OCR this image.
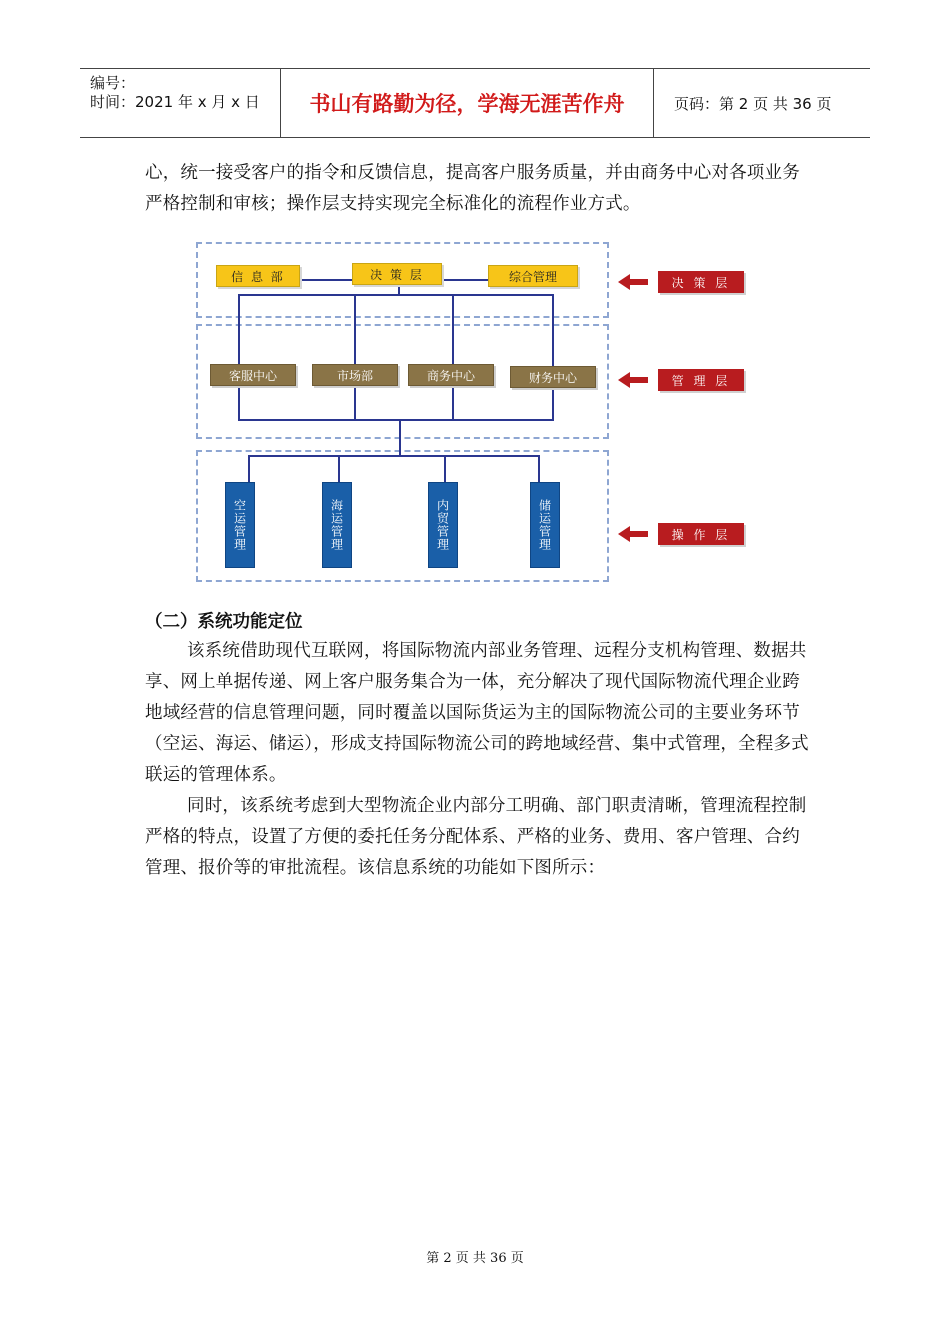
编号：
时间：2021 年 x 月 x 日	书山有路勤为径，学海无涯苦作舟	页码：第 2 页 共 36 页
心，统一接受客户的指令和反馈信息，提高客户服务质量，并由商务中心对各项业务严格控制和审核；操作层支持实现完全标准化的流程作业方式。
信 息 部	决 策 层	综合管理
客服中心	市场部	商务中心	财务中心
空运管理	海运管理	内贸管理	储运管理
决 策 层
管 理 层
操 作 层
（二）系统功能定位
该系统借助现代互联网，将国际物流内部业务管理、远程分支机构管理、数据共享、网上单据传递、网上客户服务集合为一体，充分解决了现代国际物流代理企业跨地域经营的信息管理问题，同时覆盖以国际货运为主的国际物流公司的主要业务环节（空运、海运、储运），形成支持国际物流公司的跨地域经营、集中式管理，全程多式联运的管理体系。
同时，该系统考虑到大型物流企业内部分工明确、部门职责清晰，管理流程控制严格的特点，设置了方便的委托任务分配体系、严格的业务、费用、客户管理、合约管理、报价等的审批流程。该信息系统的功能如下图所示：
第 2 页 共 36 页
